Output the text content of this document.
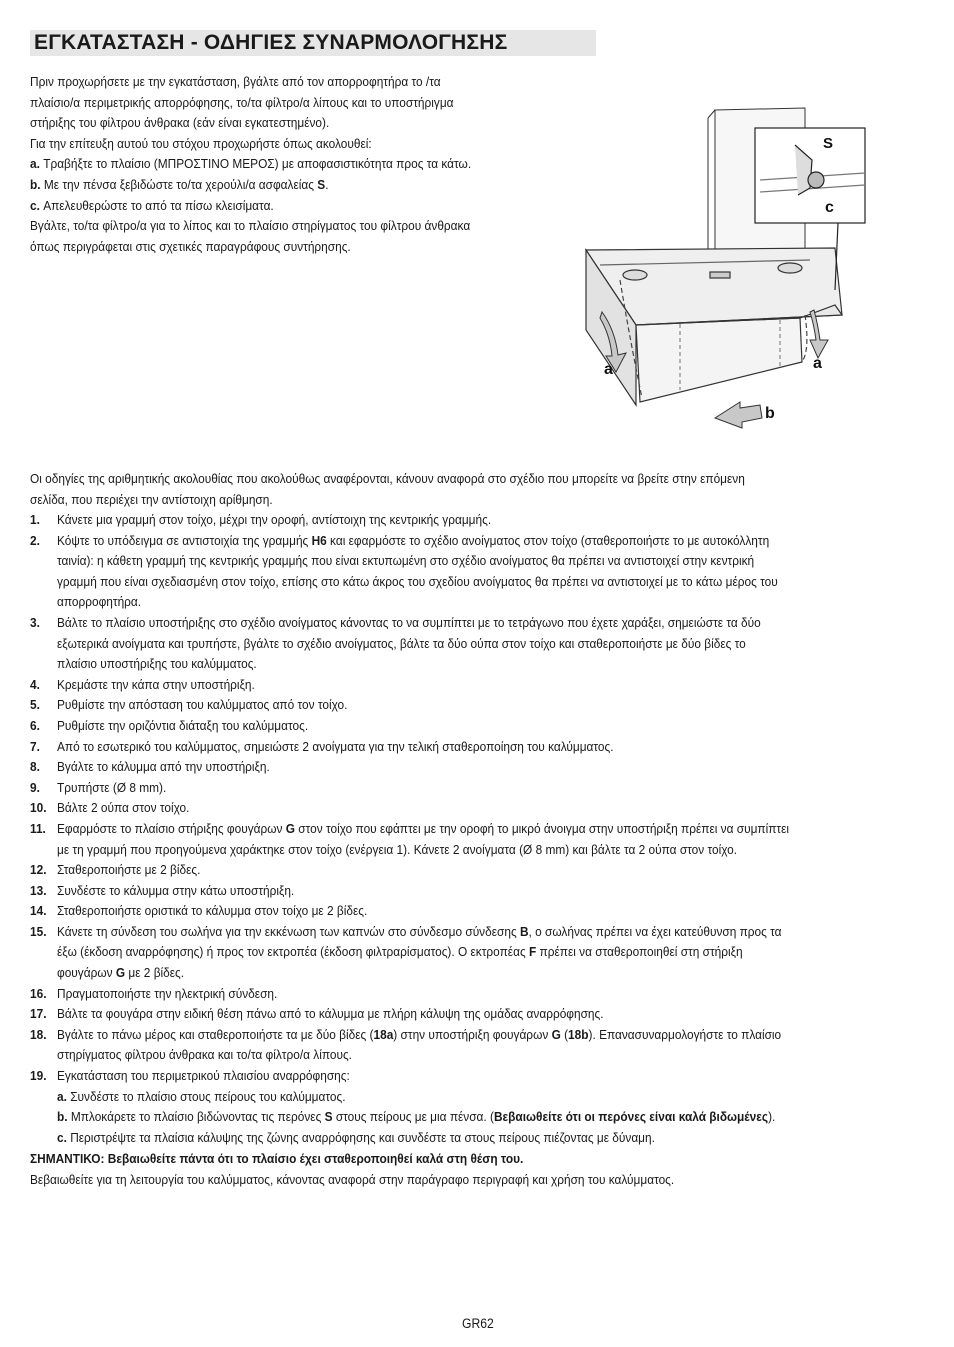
ΕΓΚΑΤΑΣΤΑΣΗ - ΟΔΗΓΙΕΣ ΣΥΝΑΡΜΟΛΟΓΗΣΗΣ

Πριν προχωρήσετε με την εγκατάσταση, βγάλτε από τον απορροφητήρα το /τα

πλαίσιο/α περιμετρικής απορρόφησης, το/τα φίλτρο/α λίπους και το υποστήριγμα

στήριξης του φίλτρου άνθρακα (εάν είναι εγκατεστημένο).

Για την επίτευξη αυτού του στόχου προχωρήστε όπως ακολουθεί:

a. Τραβήξτε το πλαίσιο (ΜΠΡΟΣΤΙΝΟ ΜΕΡΟΣ) με αποφασιστικότητα προς τα κάτω.

b. Με την πένσα ξεβιδώστε το/τα χερούλι/α ασφαλείας S.

c. Απελευθερώστε το από τα πίσω κλεισίματα.

Βγάλτε, το/τα φίλτρο/α για το λίπος και το πλαίσιο στηρίγματος του φίλτρου άνθρακα

όπως περιγράφεται στις σχετικές παραγράφους συντήρησης.

S
c
a	a
b

Οι οδηγίες της αριθμητικής ακολουθίας που ακολούθως αναφέρονται, κάνουν αναφορά στο σχέδιο που μπορείτε να βρείτε στην επόμενη

σελίδα, που περιέχει την αντίστοιχη αρίθμηση.

1. Κάνετε μια γραμμή στον τοίχο, μέχρι την οροφή, αντίστοιχη της κεντρικής γραμμής.

2. Κόψτε το υπόδειγμα σε αντιστοιχία της γραμμής H6 και εφαρμόστε το σχέδιο ανοίγματος στον τοίχο (σταθεροποιήστε το με αυτοκόλλητη

ταινία): η κάθετη γραμμή της κεντρικής γραμμής που είναι εκτυπωμένη στο σχέδιο ανοίγματος θα πρέπει να αντιστοιχεί στην κεντρική

γραμμή που είναι σχεδιασμένη στον τοίχο, επίσης στο κάτω άκρος του σχεδίου ανοίγματος θα πρέπει να αντιστοιχεί με το κάτω μέρος του

απορροφητήρα.

3. Βάλτε το πλαίσιο υποστήριξης στο σχέδιο ανοίγματος κάνοντας το να συμπίπτει με το τετράγωνο που έχετε χαράξει, σημειώστε τα δύο

εξωτερικά ανοίγματα και τρυπήστε, βγάλτε το σχέδιο ανοίγματος, βάλτε τα δύο ούπα στον τοίχο και σταθεροποιήστε με δύο βίδες το

πλαίσιο υποστήριξης του καλύμματος.

4. Κρεμάστε την κάπα στην υποστήριξη.

5. Ρυθμίστε την απόσταση του καλύμματος από τον τοίχο.

6. Ρυθμίστε την οριζόντια διάταξη του καλύμματος.

7. Από το εσωτερικό του καλύμματος, σημειώστε 2 ανοίγματα για την τελική σταθεροποίηση του καλύμματος.

8. Βγάλτε το κάλυμμα από την υποστήριξη.

9. Τρυπήστε (Ø 8 mm).

10. Βάλτε 2 ούπα στον τοίχο.

11. Εφαρμόστε το πλαίσιο στήριξης φουγάρων G στον τοίχο που εφάπτει με την οροφή το μικρό άνοιγμα στην υποστήριξη πρέπει να συμπίπτει

με τη γραμμή που προηγούμενα χαράκτηκε στον τοίχο (ενέργεια 1). Κάνετε 2 ανοίγματα (Ø 8 mm) και βάλτε τα 2 ούπα στον τοίχο.

12. Σταθεροποιήστε με 2 βίδες.

13. Συνδέστε το κάλυμμα στην κάτω υποστήριξη.

14. Σταθεροποιήστε οριστικά το κάλυμμα στον τοίχο με 2 βίδες.

15. Κάνετε τη σύνδεση του σωλήνα για την εκκένωση των καπνών στο σύνδεσμο σύνδεσης B, ο σωλήνας πρέπει να έχει κατεύθυνση προς τα

έξω (έκδοση αναρρόφησης) ή προς τον εκτροπέα (έκδοση φιλτραρίσματος). Ο εκτροπέας F πρέπει να σταθεροποιηθεί στη στήριξη

φουγάρων G με 2 βίδες.

16. Πραγματοποιήστε την ηλεκτρική σύνδεση.

17. Βάλτε τα φουγάρα στην ειδική θέση πάνω από το κάλυμμα με πλήρη κάλυψη της ομάδας αναρρόφησης.

18. Βγάλτε το πάνω μέρος και σταθεροποιήστε τα με δύο βίδες (18a) στην υποστήριξη φουγάρων G (18b). Επανασυναρμολογήστε το πλαίσιο

στηρίγματος φίλτρου άνθρακα και το/τα φίλτρο/α λίπους.

19. Εγκατάσταση του περιμετρικού πλαισίου αναρρόφησης:

a. Συνδέστε το πλαίσιο στους πείρους του καλύμματος.

b. Μπλοκάρετε το πλαίσιο βιδώνοντας τις περόνες S στους πείρους με μια πένσα. (Βεβαιωθείτε ότι οι περόνες είναι καλά βιδωμένες).

c. Περιστρέψτε τα πλαίσια κάλυψης της ζώνης αναρρόφησης και συνδέστε τα στους πείρους πιέζοντας με δύναμη.

ΣΗΜΑΝΤΙΚΟ: Βεβαιωθείτε πάντα ότι το πλαίσιο έχει σταθεροποιηθεί καλά στη θέση του.

Βεβαιωθείτε για τη λειτουργία του καλύμματος, κάνοντας αναφορά στην παράγραφο περιγραφή και χρήση του καλύμματος.

GR62
